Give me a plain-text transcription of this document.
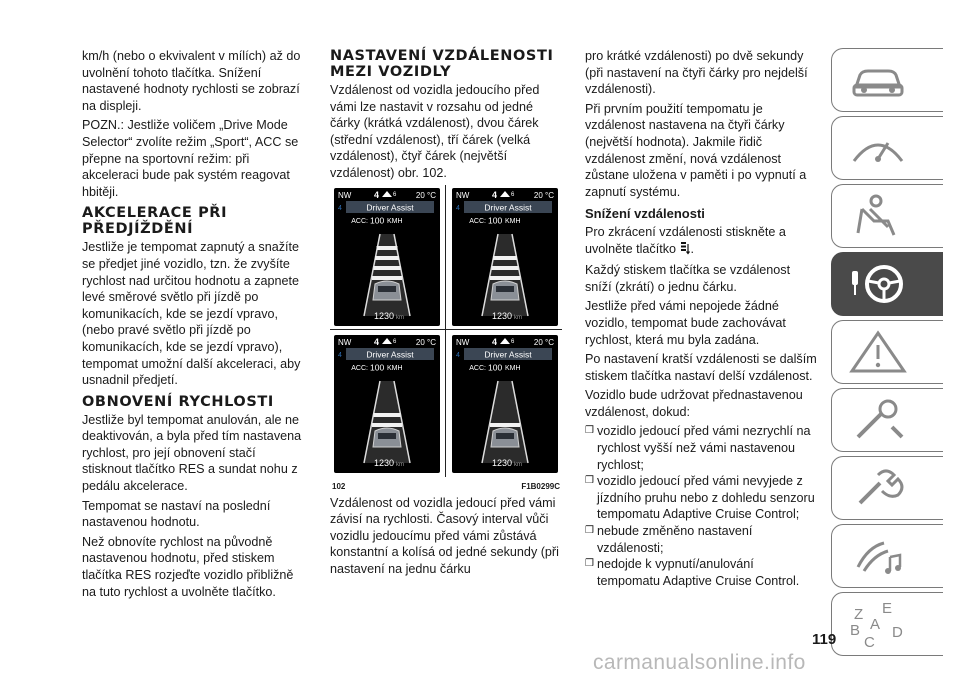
km/h (nebo o ekvivalent v mílích) až do uvolnění tohoto tlačítka. Snížení nastavené hodnoty rychlosti se zobrazí na displeji.

POZN.: Jestliže voličem „Drive Mode Selector“ zvolíte režim „Sport“, ACC se přepne na sportovní režim: při akceleraci bude pak systém reagovat hbitěji.

AKCELERACE PŘI PŘEDJÍŽDĚNÍ

Jestliže je tempomat zapnutý a snažíte se předjet jiné vozidlo, tzn. že zvyšíte rychlost nad určitou hodnotu a zapnete levé směrové světlo při jízdě po komunikacích, kde se jezdí vpravo, (nebo pravé světlo při jízdě po komunikacích, kde se jezdí vpravo), tempomat umožní další akceleraci, aby usnadnil předjetí.

OBNOVENÍ RYCHLOSTI

Jestliže byl tempomat anulován, ale ne deaktivován, a byla před tím nastavena rychlost, pro její obnovení stačí stisknout tlačítko RES a sundat nohu z pedálu akcelerace.

Tempomat se nastaví na poslední nastavenou hodnotu.

Než obnovíte rychlost na původně nastavenou hodnotu, před stiskem tlačítka RES rozjeďte vozidlo přibližně na tuto rychlost a uvolněte tlačítko.

NASTAVENÍ VZDÁLENOSTI MEZI VOZIDLY

Vzdálenost od vozidla jedoucího před vámi lze nastavit v rozsahu od jedné čárky (krátká vzdálenost), dvou čárek (střední vzdálenost), tří čárek (velká vzdálenost), čtyř čárek (největší vzdálenost) obr. 102.

NW	4 6 20 °C
4	Driver Assist
ACC: 100 KMH
1230 km
NW	4 6 20 °C
4	Driver Assist
ACC: 100 KMH
1230 km
NW	4 6 20 °C
4	Driver Assist
ACC: 100 KMH
1230 km
NW	4 6 20 °C
4	Driver Assist
ACC: 100 KMH
1230 km
102	F1B0299C

Vzdálenost od vozidla jedoucí před vámi závisí na rychlosti. Časový interval vůči vozidlu jedoucímu před vámi zůstává konstantní a kolísá od jedné sekundy (při nastavení na jednu čárku

pro krátké vzdálenosti) po dvě sekundy (při nastavení na čtyři čárky pro nejdelší vzdálenosti).

Při prvním použití tempomatu je vzdálenost nastavena na čtyři čárky (největší hodnota). Jakmile řidič vzdálenost změní, nová vzdálenost zůstane uložena v paměti i po vypnutí a zapnutí systému.

Snížení vzdálenosti

Pro zkrácení vzdálenosti stiskněte a uvolněte tlačítko .

Každý stiskem tlačítka se vzdálenost sníží (zkrátí) o jednu čárku.

Jestliže před vámi nepojede žádné vozidlo, tempomat bude zachovávat rychlost, která mu byla zadána.

Po nastavení kratší vzdálenosti se dalším stiskem tlačítka nastaví delší vzdálenost.

Vozidlo bude udržovat přednastavenou vzdálenost, dokud:

❒ vozidlo jedoucí před vámi nezrychlí na rychlost vyšší než vámi nastavenou rychlost;
❒ vozidlo jedoucí před vámi nevyjede z jízdního pruhu nebo z dohledu senzoru tempomatu Adaptive Cruise Control;
❒ nebude změněno nastavení vzdálenosti;
❒ nedojde k vypnutí/anulování tempomatu Adaptive Cruise Control.
Z E
B A
C
D
119
carmanualsonline.info
